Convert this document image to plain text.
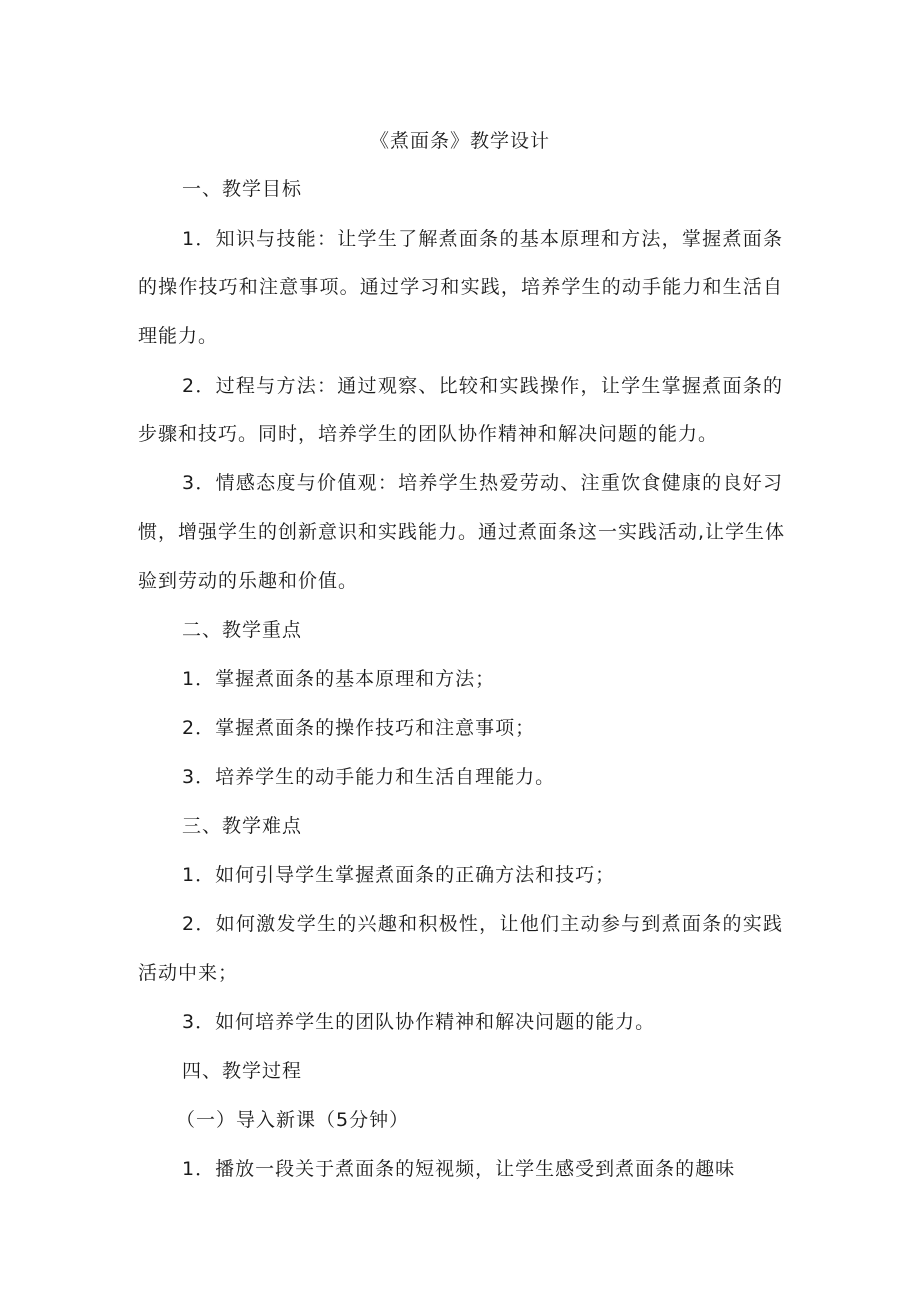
《煮面条》教学设计
一、教学目标
1．知识与技能：让学生了解煮面条的基本原理和方法，掌握煮面条
的操作技巧和注意事项。通过学习和实践，培养学生的动手能力和生活自
理能力。
2．过程与方法：通过观察、比较和实践操作，让学生掌握煮面条的
步骤和技巧。同时，培养学生的团队协作精神和解决问题的能力。
3．情感态度与价值观：培养学生热爱劳动、注重饮食健康的良好习
惯，增强学生的创新意识和实践能力。通过煮面条这一实践活动,让学生体
验到劳动的乐趣和价值。
二、教学重点
1．掌握煮面条的基本原理和方法；
2．掌握煮面条的操作技巧和注意事项；
3．培养学生的动手能力和生活自理能力。
三、教学难点
1．如何引导学生掌握煮面条的正确方法和技巧；
2．如何激发学生的兴趣和积极性，让他们主动参与到煮面条的实践
活动中来；
3．如何培养学生的团队协作精神和解决问题的能力。
四、教学过程
（一）导入新课（5分钟）
1．播放一段关于煮面条的短视频，让学生感受到煮面条的趣味
